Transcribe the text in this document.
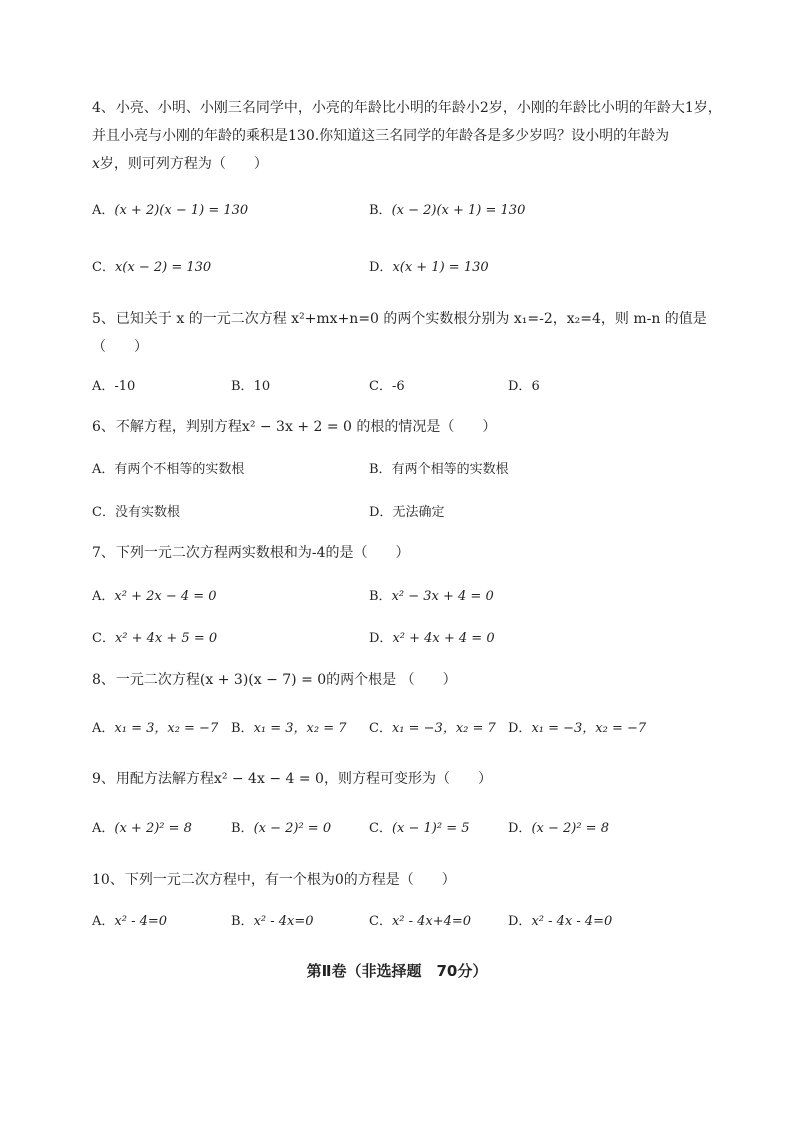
4、小亮、小明、小刚三名同学中，小亮的年龄比小明的年龄小2岁，小刚的年龄比小明的年龄大1岁，并且小亮与小刚的年龄的乘积是130.你知道这三名同学的年龄各是多少岁吗？设小明的年龄为
x岁，则可列方程为（　　）
A．(x + 2)(x − 1) = 130	B．(x − 2)(x + 1) = 130
C．x(x − 2) = 130	D．x(x + 1) = 130
5、已知关于 x 的一元二次方程 x²+mx+n=0 的两个实数根分别为 x₁=-2，x₂=4，则 m-n 的值是（　　）
A．-10	B．10	C．-6	D．6
6、不解方程，判别方程x² − 3x + 2 = 0 的根的情况是（　　）
A．有两个不相等的实数根	B．有两个相等的实数根
C．没有实数根	D．无法确定
7、下列一元二次方程两实数根和为-4的是（　　）
A．x² + 2x − 4 = 0	B．x² − 3x + 4 = 0
C．x² + 4x + 5 = 0	D．x² + 4x + 4 = 0
8、一元二次方程(x + 3)(x − 7) = 0的两个根是 （　　）
A．x₁ = 3，x₂ = −7 B．x₁ = 3，x₂ = 7 C．x₁ = −3，x₂ = 7 D．x₁ = −3，x₂ = −7
9、用配方法解方程x² − 4x − 4 = 0，则方程可变形为（　　）
A．(x + 2)² = 8	B．(x − 2)² = 0	C．(x − 1)² = 5	D．(x − 2)² = 8
10、下列一元二次方程中，有一个根为0的方程是（　　）
A．x² - 4=0	B．x² - 4x=0	C．x² - 4x+4=0	D．x² - 4x - 4=0
第Ⅱ卷（非选择题　70分）
